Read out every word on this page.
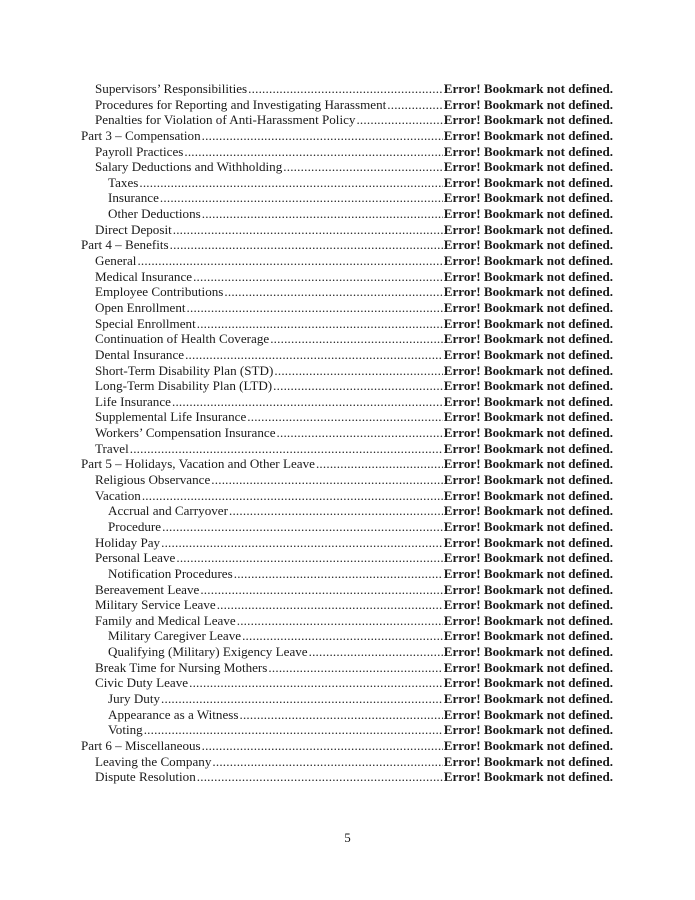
Supervisors’ Responsibilities .....	Error! Bookmark not defined.
Procedures for Reporting and Investigating Harassment .....	Error! Bookmark not defined.
Penalties for Violation of Anti-Harassment Policy .....	Error! Bookmark not defined.
Part 3 – Compensation .....	Error! Bookmark not defined.
Payroll Practices .....	Error! Bookmark not defined.
Salary Deductions and Withholding .....	Error! Bookmark not defined.
Taxes .....	Error! Bookmark not defined.
Insurance .....	Error! Bookmark not defined.
Other Deductions .....	Error! Bookmark not defined.
Direct Deposit .....	Error! Bookmark not defined.
Part 4 – Benefits .....	Error! Bookmark not defined.
General .....	Error! Bookmark not defined.
Medical Insurance .....	Error! Bookmark not defined.
Employee Contributions .....	Error! Bookmark not defined.
Open Enrollment .....	Error! Bookmark not defined.
Special Enrollment .....	Error! Bookmark not defined.
Continuation of Health Coverage .....	Error! Bookmark not defined.
Dental Insurance .....	Error! Bookmark not defined.
Short-Term Disability Plan (STD) .....	Error! Bookmark not defined.
Long-Term Disability Plan (LTD) .....	Error! Bookmark not defined.
Life Insurance .....	Error! Bookmark not defined.
Supplemental Life Insurance .....	Error! Bookmark not defined.
Workers’ Compensation Insurance .....	Error! Bookmark not defined.
Travel .....	Error! Bookmark not defined.
Part 5 – Holidays, Vacation and Other Leave .....	Error! Bookmark not defined.
Religious Observance .....	Error! Bookmark not defined.
Vacation .....	Error! Bookmark not defined.
Accrual and Carryover .....	Error! Bookmark not defined.
Procedure .....	Error! Bookmark not defined.
Holiday Pay .....	Error! Bookmark not defined.
Personal Leave .....	Error! Bookmark not defined.
Notification Procedures .....	Error! Bookmark not defined.
Bereavement Leave .....	Error! Bookmark not defined.
Military Service Leave .....	Error! Bookmark not defined.
Family and Medical Leave .....	Error! Bookmark not defined.
Military Caregiver Leave .....	Error! Bookmark not defined.
Qualifying (Military) Exigency Leave .....	Error! Bookmark not defined.
Break Time for Nursing Mothers .....	Error! Bookmark not defined.
Civic Duty Leave .....	Error! Bookmark not defined.
Jury Duty .....	Error! Bookmark not defined.
Appearance as a Witness .....	Error! Bookmark not defined.
Voting .....	Error! Bookmark not defined.
Part 6 – Miscellaneous .....	Error! Bookmark not defined.
Leaving the Company .....	Error! Bookmark not defined.
Dispute Resolution .....	Error! Bookmark not defined.
5
